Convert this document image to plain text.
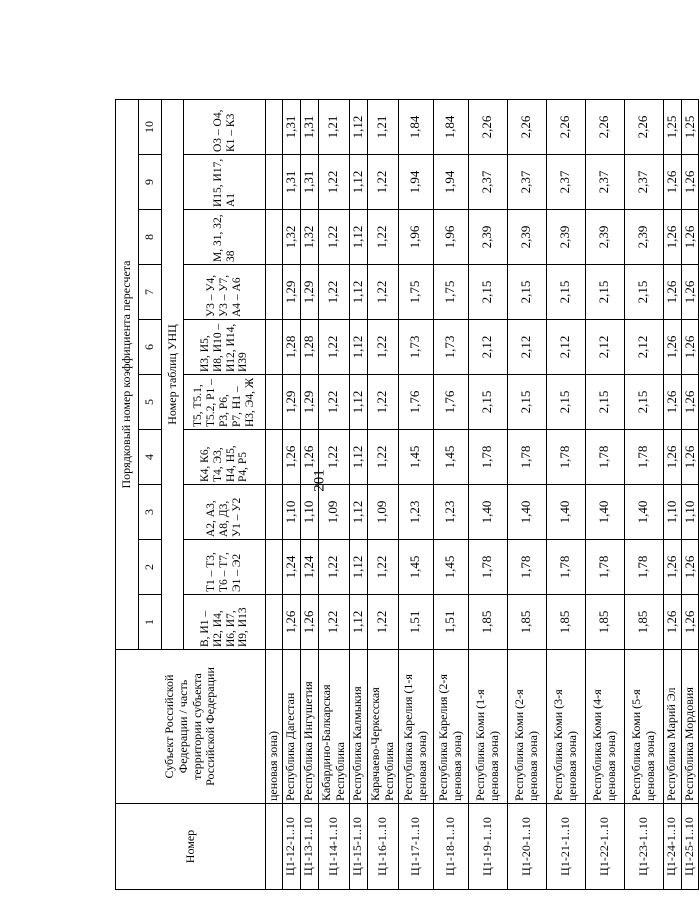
201
Номер	Субъект Российской Федерации / часть территории субъекта Российской Федерации	Порядковый номер коэффициента пересчета									
		1	2	3	4	5	6	7	8	9	10
		Номер таблиц УНЦ									
		В, И1 – И2, И4, И6, И7, И9, И13	Т1 – Т3, Т6 – Т7, Э1 – Э2	А2, А3, А8, Д3, У1 – У2	К4, К6, Т4, Э3, Н4, Н5, Р4, Р5	Т5, Т5.1, Т5.2, Р1 – Р3, Р6, Р7, Н1 – Н3, Э4, Ж	И3, И5, И8, И10 – И12, И14, И39	У3 – У4, У3 – У7, А4 – А6	М, З1, З2, З8	И15, И17, А1	О3 – О4, К1 – К3
	ценовая зона)										
Ц1-12-1..10	Республика Дагестан	1,26	1,24	1,10	1,26	1,29	1,28	1,29	1,32	1,31	1,31
Ц1-13-1..10	Республика Ингушетия	1,26	1,24	1,10	1,26	1,29	1,28	1,29	1,32	1,31	1,31
Ц1-14-1..10	Кабардино-Балкарская Республика	1,22	1,22	1,09	1,22	1,22	1,22	1,22	1,22	1,22	1,21
Ц1-15-1..10	Республика Калмыкия	1,12	1,12	1,12	1,12	1,12	1,12	1,12	1,12	1,12	1,12
Ц1-16-1..10	Карачаево-Черкесская Республика	1,22	1,22	1,09	1,22	1,22	1,22	1,22	1,22	1,22	1,21
Ц1-17-1..10	Республика Карелия (1-я ценовая зона)	1,51	1,45	1,23	1,45	1,76	1,73	1,75	1,96	1,94	1,84
Ц1-18-1..10	Республика Карелия (2-я ценовая зона)	1,51	1,45	1,23	1,45	1,76	1,73	1,75	1,96	1,94	1,84
Ц1-19-1..10	Республика Коми (1-я ценовая зона)	1,85	1,78	1,40	1,78	2,15	2,12	2,15	2,39	2,37	2,26
Ц1-20-1..10	Республика Коми (2-я ценовая зона)	1,85	1,78	1,40	1,78	2,15	2,12	2,15	2,39	2,37	2,26
Ц1-21-1..10	Республика Коми (3-я ценовая зона)	1,85	1,78	1,40	1,78	2,15	2,12	2,15	2,39	2,37	2,26
Ц1-22-1..10	Республика Коми (4-я ценовая зона)	1,85	1,78	1,40	1,78	2,15	2,12	2,15	2,39	2,37	2,26
Ц1-23-1..10	Республика Коми (5-я ценовая зона)	1,85	1,78	1,40	1,78	2,15	2,12	2,15	2,39	2,37	2,26
Ц1-24-1..10	Республика Марий Эл	1,26	1,26	1,10	1,26	1,26	1,26	1,26	1,26	1,26	1,25
Ц1-25-1..10	Республика Мордовия	1,26	1,26	1,10	1,26	1,26	1,26	1,26	1,26	1,26	1,25
